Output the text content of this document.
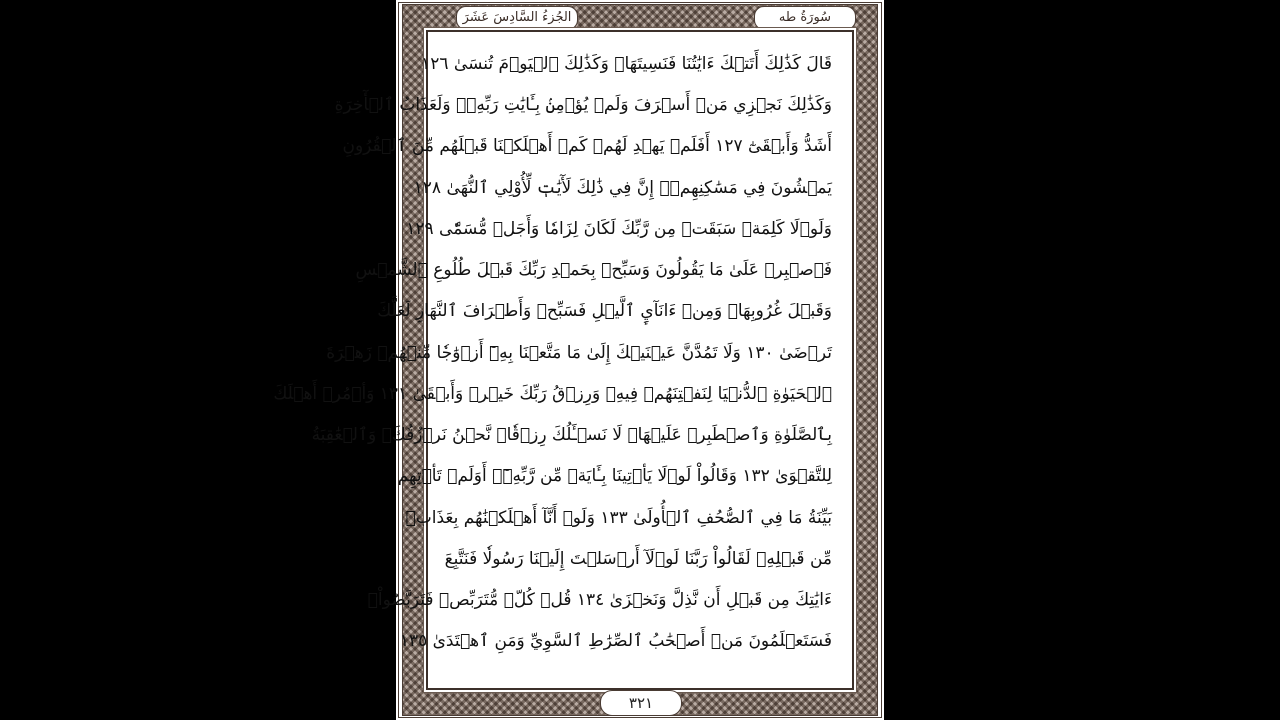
الجُزءُ السَّادِسَ عَشَرَ	سُورَةُ طه
قَالَ كَذَٰلِكَ أَتَتۡكَ ءَايَٰتُنَا فَنَسِيتَهَاۖ وَكَذَٰلِكَ ٱلۡيَوۡمَ تُنسَىٰ ١٢٦
وَكَذَٰلِكَ نَجۡزِي مَنۡ أَسۡرَفَ وَلَمۡ يُؤۡمِنۢ بِـَٔايَٰتِ رَبِّهِۦۚ وَلَعَذَابُ ٱلۡأٓخِرَةِ
أَشَدُّ وَأَبۡقَىٰٓ ١٢٧ أَفَلَمۡ يَهۡدِ لَهُمۡ كَمۡ أَهۡلَكۡنَا قَبۡلَهُم مِّنَ ٱلۡقُرُونِ
يَمۡشُونَ فِي مَسَٰكِنِهِمۡۚ إِنَّ فِي ذَٰلِكَ لَأٓيَٰتٖ لِّأُوْلِي ٱلنُّهَىٰ ١٢٨
وَلَوۡلَا كَلِمَةٞ سَبَقَتۡ مِن رَّبِّكَ لَكَانَ لِزَامٗا وَأَجَلٞ مُّسَمّٗى ١٢٩
فَٱصۡبِرۡ عَلَىٰ مَا يَقُولُونَ وَسَبِّحۡ بِحَمۡدِ رَبِّكَ قَبۡلَ طُلُوعِ ٱلشَّمۡسِ
وَقَبۡلَ غُرُوبِهَاۖ وَمِنۡ ءَانَآيِٕ ٱلَّيۡلِ فَسَبِّحۡ وَأَطۡرَافَ ٱلنَّهَارِ لَعَلَّكَ
تَرۡضَىٰ ١٣٠ وَلَا تَمُدَّنَّ عَيۡنَيۡكَ إِلَىٰ مَا مَتَّعۡنَا بِهِۦٓ أَزۡوَٰجٗا مِّنۡهُمۡ زَهۡرَةَ
ٱلۡحَيَوٰةِ ٱلدُّنۡيَا لِنَفۡتِنَهُمۡ فِيهِۚ وَرِزۡقُ رَبِّكَ خَيۡرٞ وَأَبۡقَىٰ ١٣١ وَأۡمُرۡ أَهۡلَكَ
بِٱلصَّلَوٰةِ وَٱصۡطَبِرۡ عَلَيۡهَاۖ لَا نَسۡـَٔلُكَ رِزۡقٗاۖ نَّحۡنُ نَرۡزُقُكَۗ وَٱلۡعَٰقِبَةُ
لِلتَّقۡوَىٰ ١٣٢ وَقَالُواْ لَوۡلَا يَأۡتِينَا بِـَٔايَةٖ مِّن رَّبِّهِۦٓۚ أَوَلَمۡ تَأۡتِهِم
بَيِّنَةُ مَا فِي ٱلصُّحُفِ ٱلۡأُولَىٰ ١٣٣ وَلَوۡ أَنَّآ أَهۡلَكۡنَٰهُم بِعَذَابٖ
مِّن قَبۡلِهِۦ لَقَالُواْ رَبَّنَا لَوۡلَآ أَرۡسَلۡتَ إِلَيۡنَا رَسُولٗا فَنَتَّبِعَ
ءَايَٰتِكَ مِن قَبۡلِ أَن نَّذِلَّ وَنَخۡزَىٰ ١٣٤ قُلۡ كُلّٞ مُّتَرَبِّصٞ فَتَرَبَّصُواْۖ
فَسَتَعۡلَمُونَ مَنۡ أَصۡحَٰبُ ٱلصِّرَٰطِ ٱلسَّوِيِّ وَمَنِ ٱهۡتَدَىٰ ١٣٥
٣٢١
